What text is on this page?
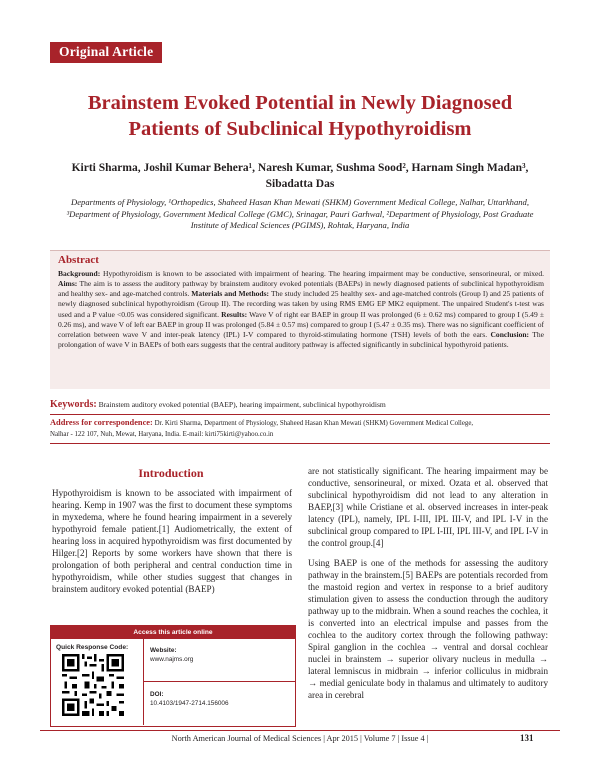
Original Article
Brainstem Evoked Potential in Newly Diagnosed
Patients of Subclinical Hypothyroidism
Kirti Sharma, Joshil Kumar Behera¹, Naresh Kumar, Sushma Sood², Harnam Singh Madan³,
Sibadatta Das
Departments of Physiology, ¹Orthopedics, Shaheed Hasan Khan Mewati (SHKM) Government Medical College, Nalhar, Uttarkhand, ³Department of Physiology, Government Medical College (GMC), Srinagar, Pauri Garhwal, ²Department of Physiology, Post Graduate Institute of Medical Sciences (PGIMS), Rohtak, Haryana, India
Abstract
Background: Hypothyroidism is known to be associated with impairment of hearing. The hearing impairment may be conductive, sensorineural, or mixed. Aims: The aim is to assess the auditory pathway by brainstem auditory evoked potentials (BAEPs) in newly diagnosed patients of subclinical hypothyroidism and healthy sex- and age-matched controls. Materials and Methods: The study included 25 healthy sex- and age-matched controls (Group I) and 25 patients of newly diagnosed subclinical hypothyroidism (Group II). The recording was taken by using RMS EMG EP MK2 equipment. The unpaired Student's t-test was used and a P value <0.05 was considered significant. Results: Wave V of right ear BAEP in group II was prolonged (6 ± 0.62 ms) compared to group I (5.49 ± 0.26 ms), and wave V of left ear BAEP in group II was prolonged (5.84 ± 0.57 ms) compared to group I (5.47 ± 0.35 ms). There was no significant coefficient of correlation between wave V and inter-peak latency (IPL) I-V compared to thyroid-stimulating hormone (TSH) levels of both the ears. Conclusion: The prolongation of wave V in BAEPs of both ears suggests that the central auditory pathway is affected significantly in subclinical hypothyroid patients.
Keywords: Brainstem auditory evoked potential (BAEP), hearing impairment, subclinical hypothyroidism
Address for correspondence: Dr. Kirti Sharma, Department of Physiology, Shaheed Hasan Khan Mewati (SHKM) Government Medical College,
Nalhar - 122 107, Nuh, Mewat, Haryana, India. E-mail: kirti75kirti@yahoo.co.in
Introduction

Hypothyroidism is known to be associated with impairment of hearing. Kemp in 1907 was the first to document these symptoms in myxedema, where he found hearing impairment in a severely hypothyroid female patient.[1] Audiometrically, the extent of hearing loss in acquired hypothyroidism was first documented by Hilger.[2] Reports by some workers have shown that there is prolongation of both peripheral and central conduction time in hypothyroidism, while other studies suggest that changes in brainstem auditory evoked potential (BAEP)

are not statistically significant. The hearing impairment may be conductive, sensorineural, or mixed. Ozata et al. observed that subclinical hypothyroidism did not lead to any alteration in BAEP,[3] while Cristiane et al. observed increases in inter-peak latency (IPL), namely, IPL I-III, IPL III-V, and IPL I-V in the subclinical group compared to IPL I-III, IPL III-V, and IPL I-V in the control group.[4]

Using BAEP is one of the methods for assessing the auditory pathway in the brainstem.[5] BAEPs are potentials recorded from the mastoid region and vertex in response to a brief auditory stimulation given to assess the conduction through the auditory pathway up to the midbrain. When a sound reaches the cochlea, it is converted into an electrical impulse and passes from the cochlea to the auditory cortex through the following pathway: Spiral ganglion in the cochlea → ventral and dorsal cochlear nuclei in brainstem → superior olivary nucleus in medulla → lateral lemniscus in midbrain → inferior colliculus in midbrain → medial geniculate body in thalamus and ultimately to auditory area in cerebral

Access this article online
Quick Response Code:	Website:
www.najms.org
DOI:
10.4103/1947-2714.156006
North American Journal of Medical Sciences | Apr 2015 | Volume 7 | Issue 4 |	131
